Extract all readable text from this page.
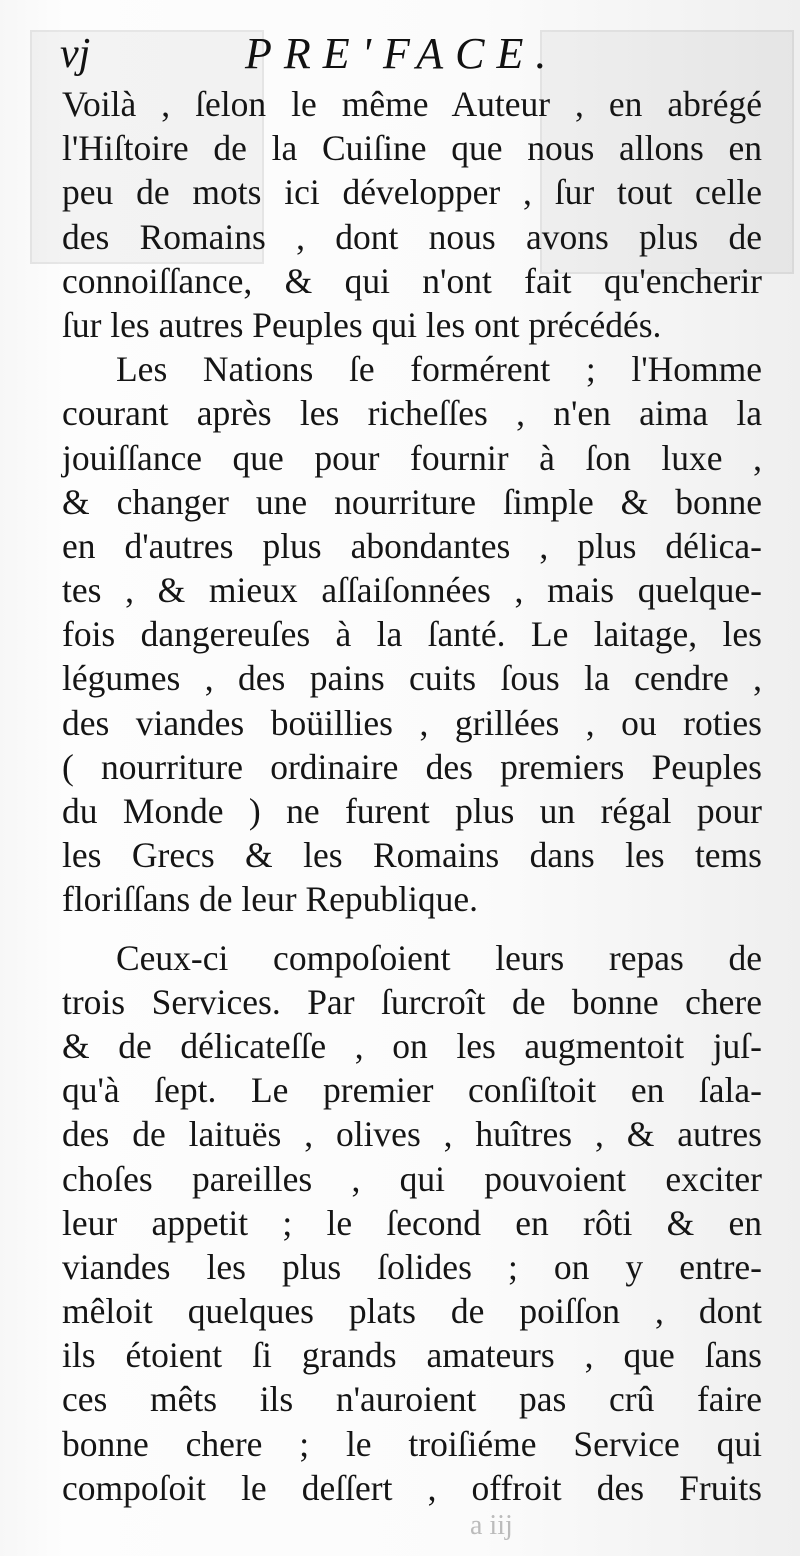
vj	PRE'FACE.
Voilà , ſelon le même Auteur , en abrégé
l'Hiſtoire de la Cuiſine que nous allons en
peu de mots ici développer , ſur tout celle
des Romains , dont nous avons plus de
connoiſſance, & qui n'ont fait qu'encherir
ſur les autres Peuples qui les ont précédés.
Les Nations ſe formérent ; l'Homme
courant après les richeſſes , n'en aima la
jouiſſance que pour fournir à ſon luxe ,
& changer une nourriture ſimple & bonne
en d'autres plus abondantes , plus délica-
tes , & mieux aſſaiſonnées , mais quelque-
fois dangereuſes à la ſanté. Le laitage, les
légumes , des pains cuits ſous la cendre ,
des viandes boüillies , grillées , ou roties
( nourriture ordinaire des premiers Peuples
du Monde ) ne furent plus un régal pour
les Grecs & les Romains dans les tems
floriſſans de leur Republique.
Ceux-ci compoſoient leurs repas de
trois Services. Par ſurcroît de bonne chere
& de délicateſſe , on les augmentoit juſ-
qu'à ſept. Le premier conſiſtoit en ſala-
des de laituës , olives , huîtres , & autres
choſes pareilles , qui pouvoient exciter
leur appetit ; le ſecond en rôti & en
viandes les plus ſolides ; on y entre-
mêloit quelques plats de poiſſon , dont
ils étoient ſi grands amateurs , que ſans
ces mêts ils n'auroient pas crû faire
bonne chere ; le troiſiéme Service qui
compoſoit le deſſert , offroit des Fruits
a iij
